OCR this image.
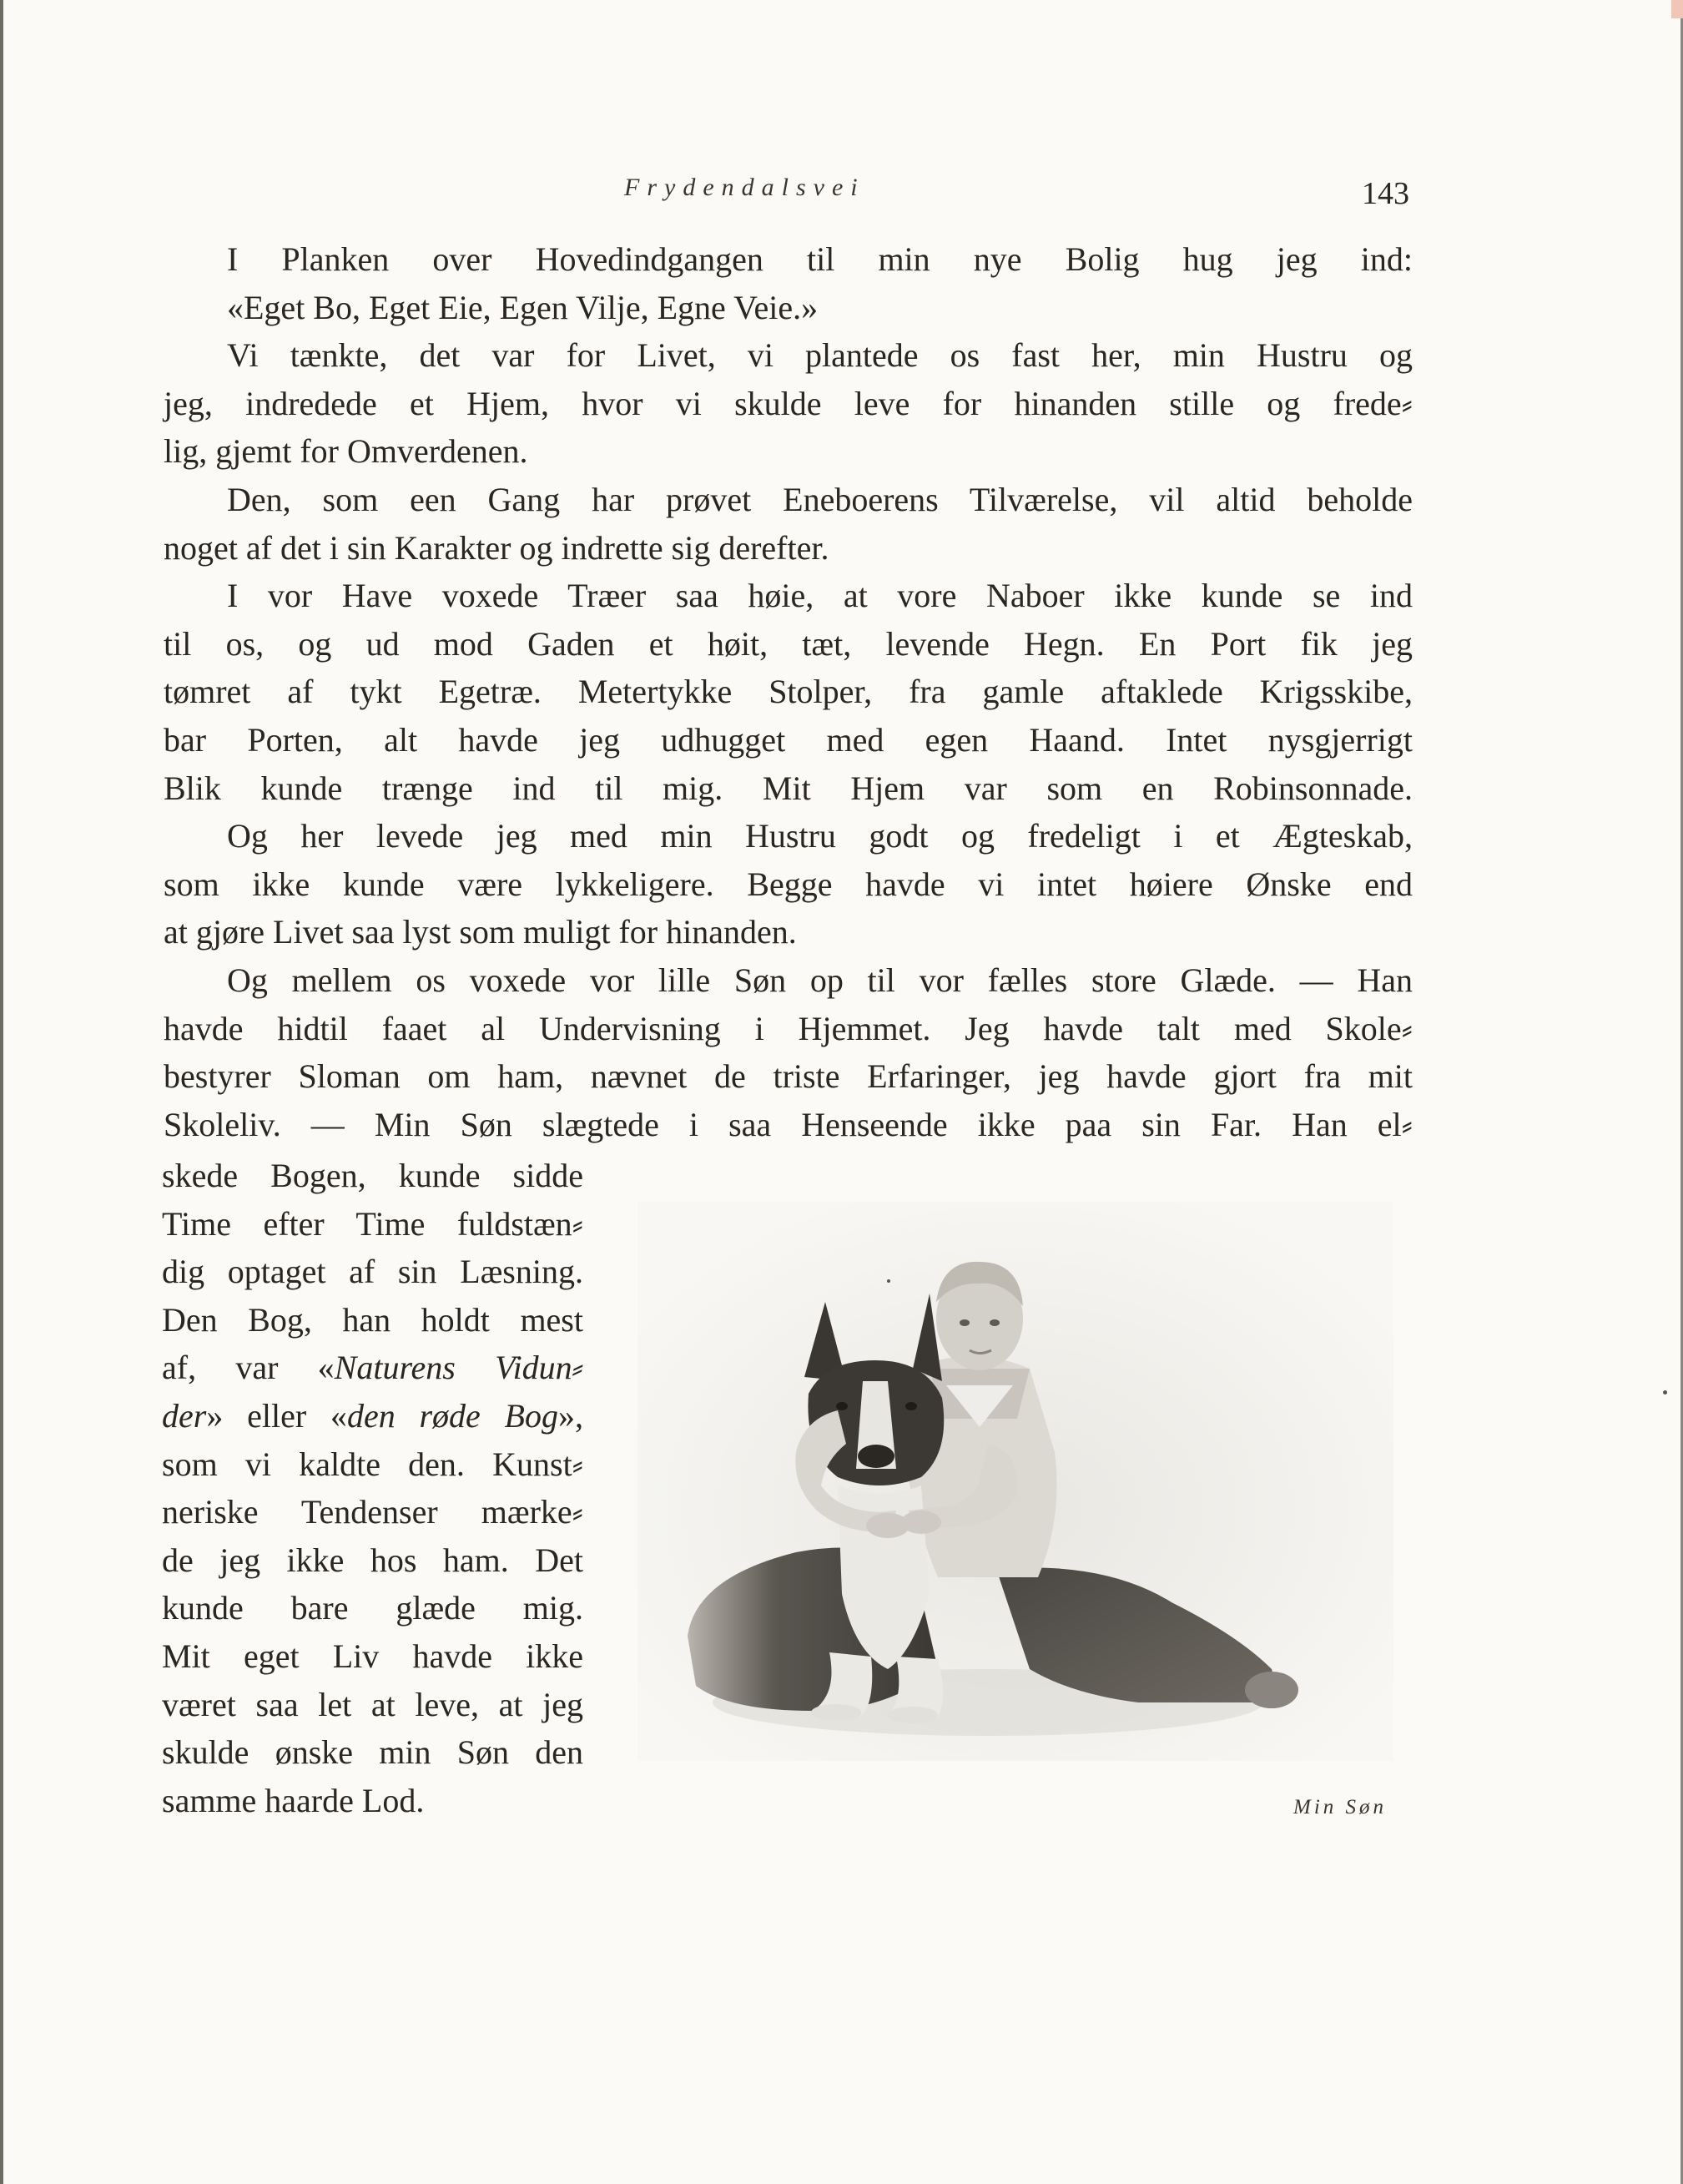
Frydendalsvei	143
I Planken over Hovedindgangen til min nye Bolig hug jeg ind:
«Eget Bo, Eget Eie, Egen Vilje, Egne Veie.»
Vi tænkte, det var for Livet, vi plantede os fast her, min Hustru og
jeg, indredede et Hjem, hvor vi skulde leve for hinanden stille og frede⸗
lig, gjemt for Omverdenen.
Den, som een Gang har prøvet Eneboerens Tilværelse, vil altid beholde
noget af det i sin Karakter og indrette sig derefter.
I vor Have voxede Træer saa høie, at vore Naboer ikke kunde se ind
til os, og ud mod Gaden et høit, tæt, levende Hegn. En Port fik jeg
tømret af tykt Egetræ. Metertykke Stolper, fra gamle aftaklede Krigsskibe,
bar Porten, alt havde jeg udhugget med egen Haand. Intet nysgjerrigt
Blik kunde trænge ind til mig. Mit Hjem var som en Robinsonnade.
Og her levede jeg med min Hustru godt og fredeligt i et Ægteskab,
som ikke kunde være lykkeligere. Begge havde vi intet høiere Ønske end
at gjøre Livet saa lyst som muligt for hinanden.
Og mellem os voxede vor lille Søn op til vor fælles store Glæde. — Han
havde hidtil faaet al Undervisning i Hjemmet. Jeg havde talt med Skole⸗
bestyrer Sloman om ham, nævnet de triste Erfaringer, jeg havde gjort fra mit
Skoleliv. — Min Søn slægtede i saa Henseende ikke paa sin Far. Han el⸗
skede Bogen, kunde sidde
Time efter Time fuldstæn⸗
dig optaget af sin Læsning.
Den Bog, han holdt mest
af, var «Naturens Vidun⸗
der» eller «den røde Bog»,
som vi kaldte den. Kunst⸗
neriske Tendenser mærke⸗
de jeg ikke hos ham. Det
kunde bare glæde mig.
Mit eget Liv havde ikke
været saa let at leve, at jeg
skulde ønske min Søn den
samme haarde Lod.	Min Søn
